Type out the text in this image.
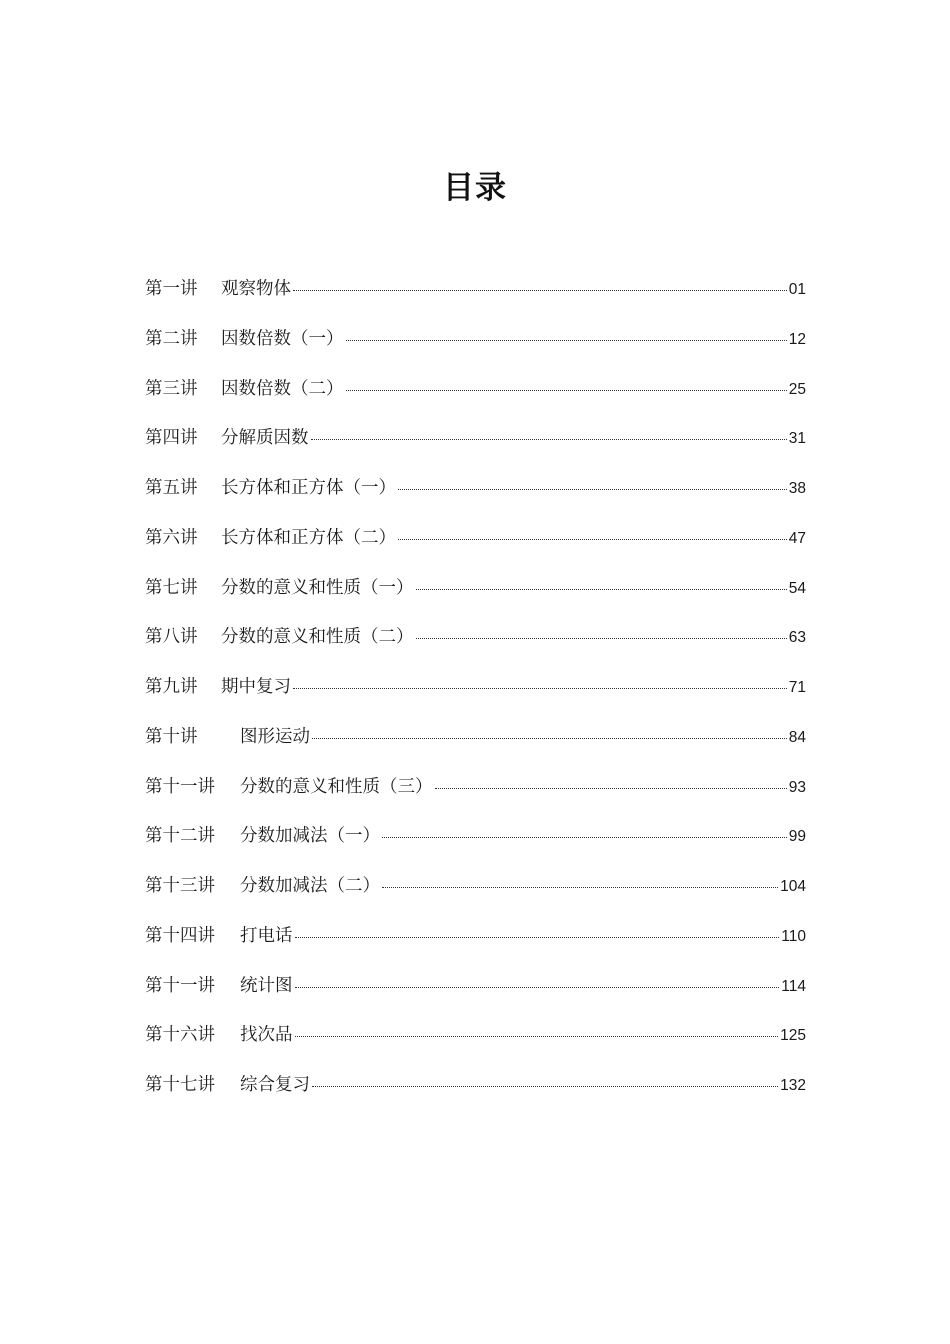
目录
第一讲	观察物体	01
第二讲	因数倍数（一）	12
第三讲	因数倍数（二）	25
第四讲	分解质因数	31
第五讲	长方体和正方体（一）	38
第六讲	长方体和正方体（二）	47
第七讲	分数的意义和性质（一）	54
第八讲	分数的意义和性质（二）	63
第九讲	期中复习	71
第十讲	图形运动	84
第十一讲	分数的意义和性质（三）	93
第十二讲	分数加减法（一）	99
第十三讲	分数加减法（二）	104
第十四讲	打电话	110
第十一讲	统计图	114
第十六讲	找次品	125
第十七讲	综合复习	132
